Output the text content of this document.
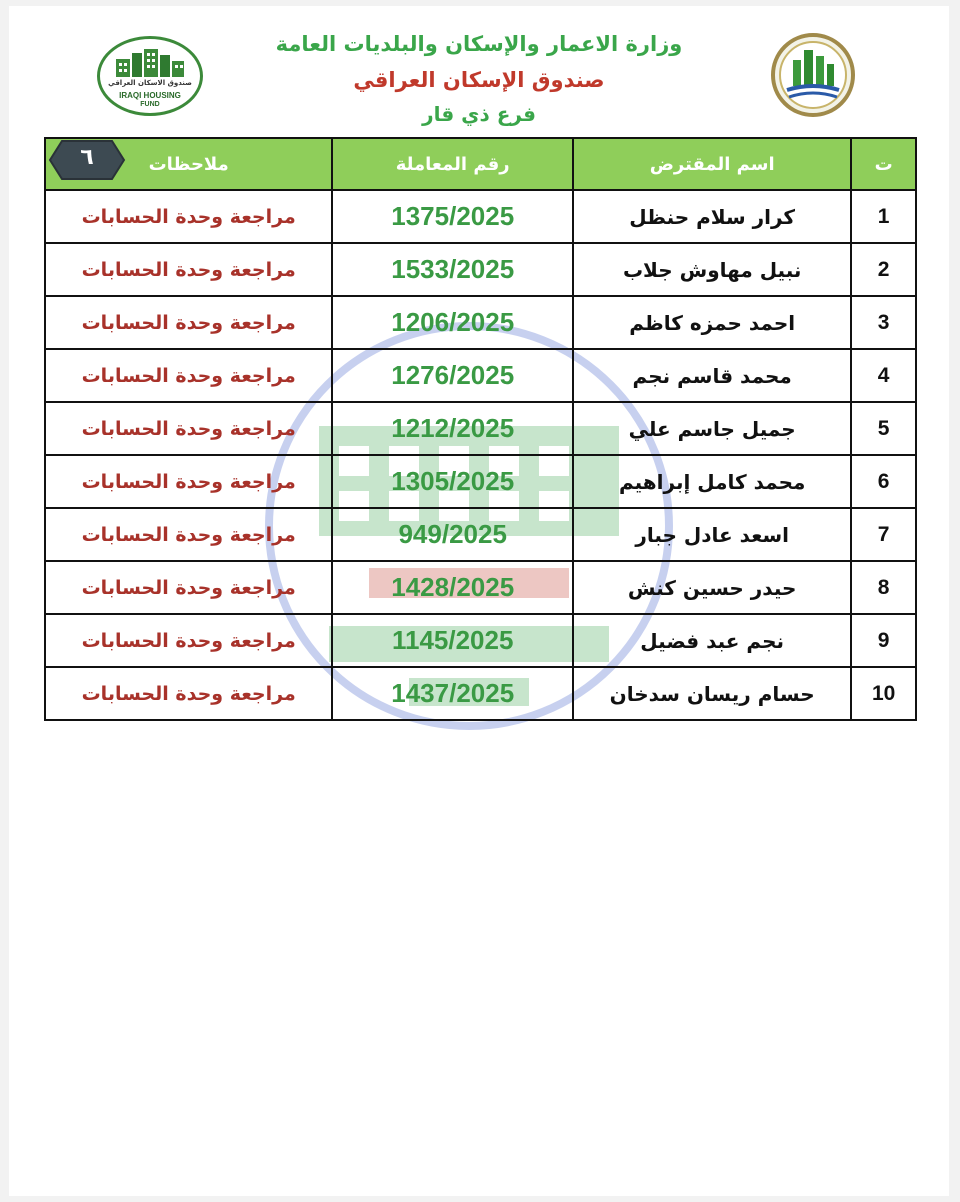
وزارة الاعمار والإسكان والبلديات العامة
صندوق الإسكان العراقي
فرع ذي قار
صندوق الاسكان العراقي
IRAQI HOUSING
FUND
ت	اسم المقترض	رقم المعاملة	ملاحظات
٦

1	كرار سلام حنظل	1375/2025	مراجعة وحدة الحسابات
2	نبيل مهاوش جلاب	1533/2025	مراجعة وحدة الحسابات
3	احمد حمزه كاظم	1206/2025	مراجعة وحدة الحسابات
4	محمد قاسم نجم	1276/2025	مراجعة وحدة الحسابات
5	جميل جاسم علي	1212/2025	مراجعة وحدة الحسابات
6	محمد كامل إبراهيم	1305/2025	مراجعة وحدة الحسابات
7	اسعد عادل جبار	949/2025	مراجعة وحدة الحسابات
8	حيدر حسين كنش	1428/2025	مراجعة وحدة الحسابات
9	نجم عبد فضيل	1145/2025	مراجعة وحدة الحسابات
10	حسام ريسان سدخان	1437/2025	مراجعة وحدة الحسابات
